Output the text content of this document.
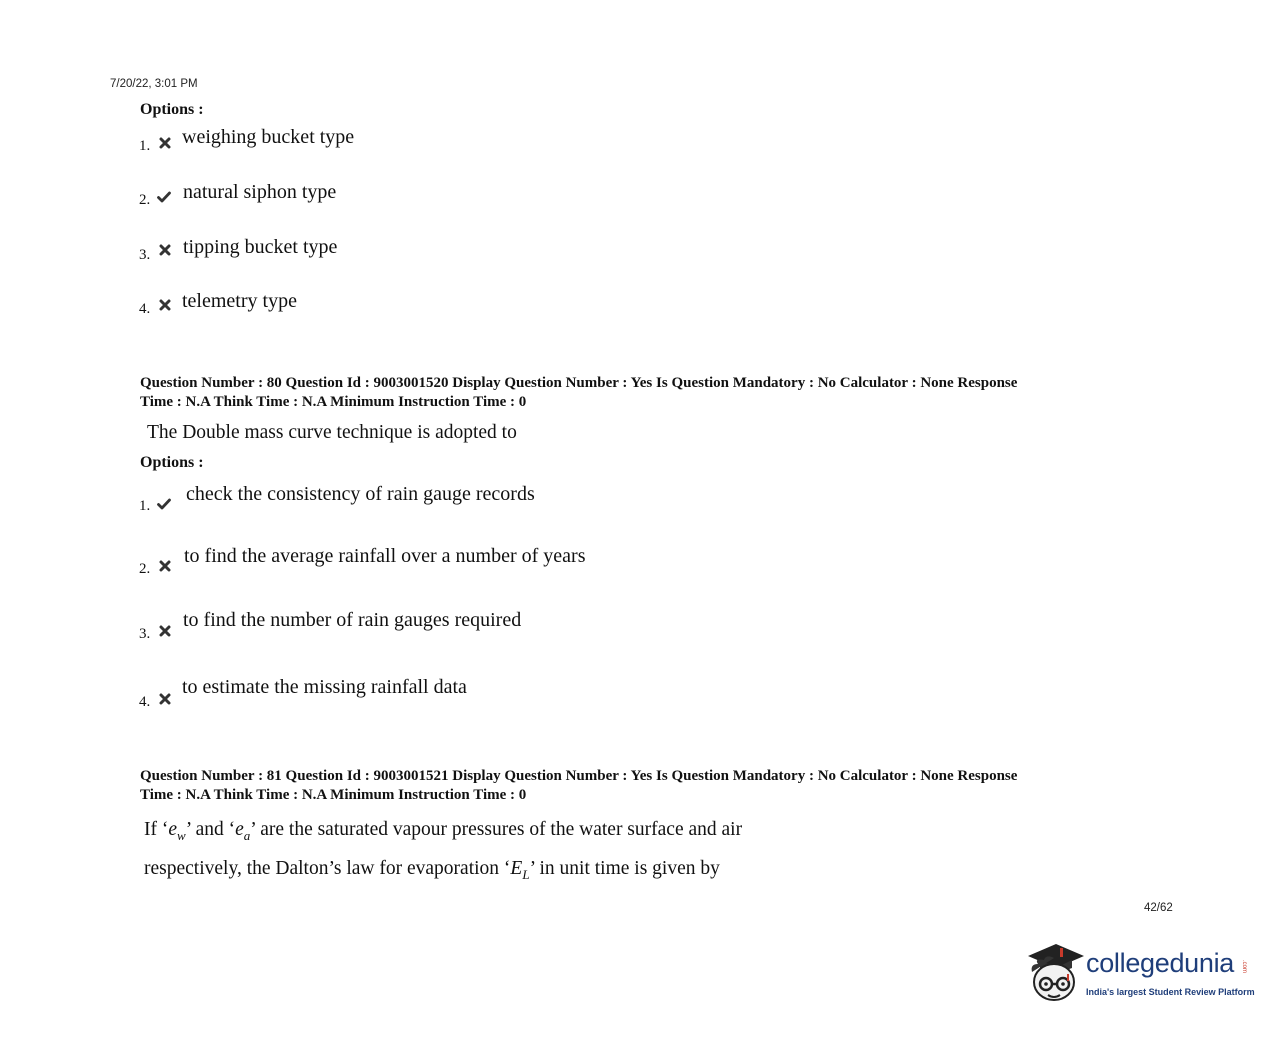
7/20/22, 3:01 PM
Options :
1. weighing bucket type
2. natural siphon type
3. tipping bucket type
4. telemetry type
Question Number : 80 Question Id : 9003001520 Display Question Number : Yes Is Question Mandatory : No Calculator : None Response
Time : N.A Think Time : N.A Minimum Instruction Time : 0
The Double mass curve technique is adopted to
Options :
1.
check the consistency of rain gauge records
2.
to find the average rainfall over a number of years
3.
to find the number of rain gauges required
4.
to estimate the missing rainfall data
Question Number : 81 Question Id : 9003001521 Display Question Number : Yes Is Question Mandatory : No Calculator : None Response
Time : N.A Think Time : N.A Minimum Instruction Time : 0
If ‘$e_w$’ and ‘$e_a$’ are the saturated vapour pressures of the water surface and air
respectively, the Dalton’s law for evaporation ‘$E_L$’ in unit time is given by
42/62
collegedunia .com
India's largest Student Review Platform
